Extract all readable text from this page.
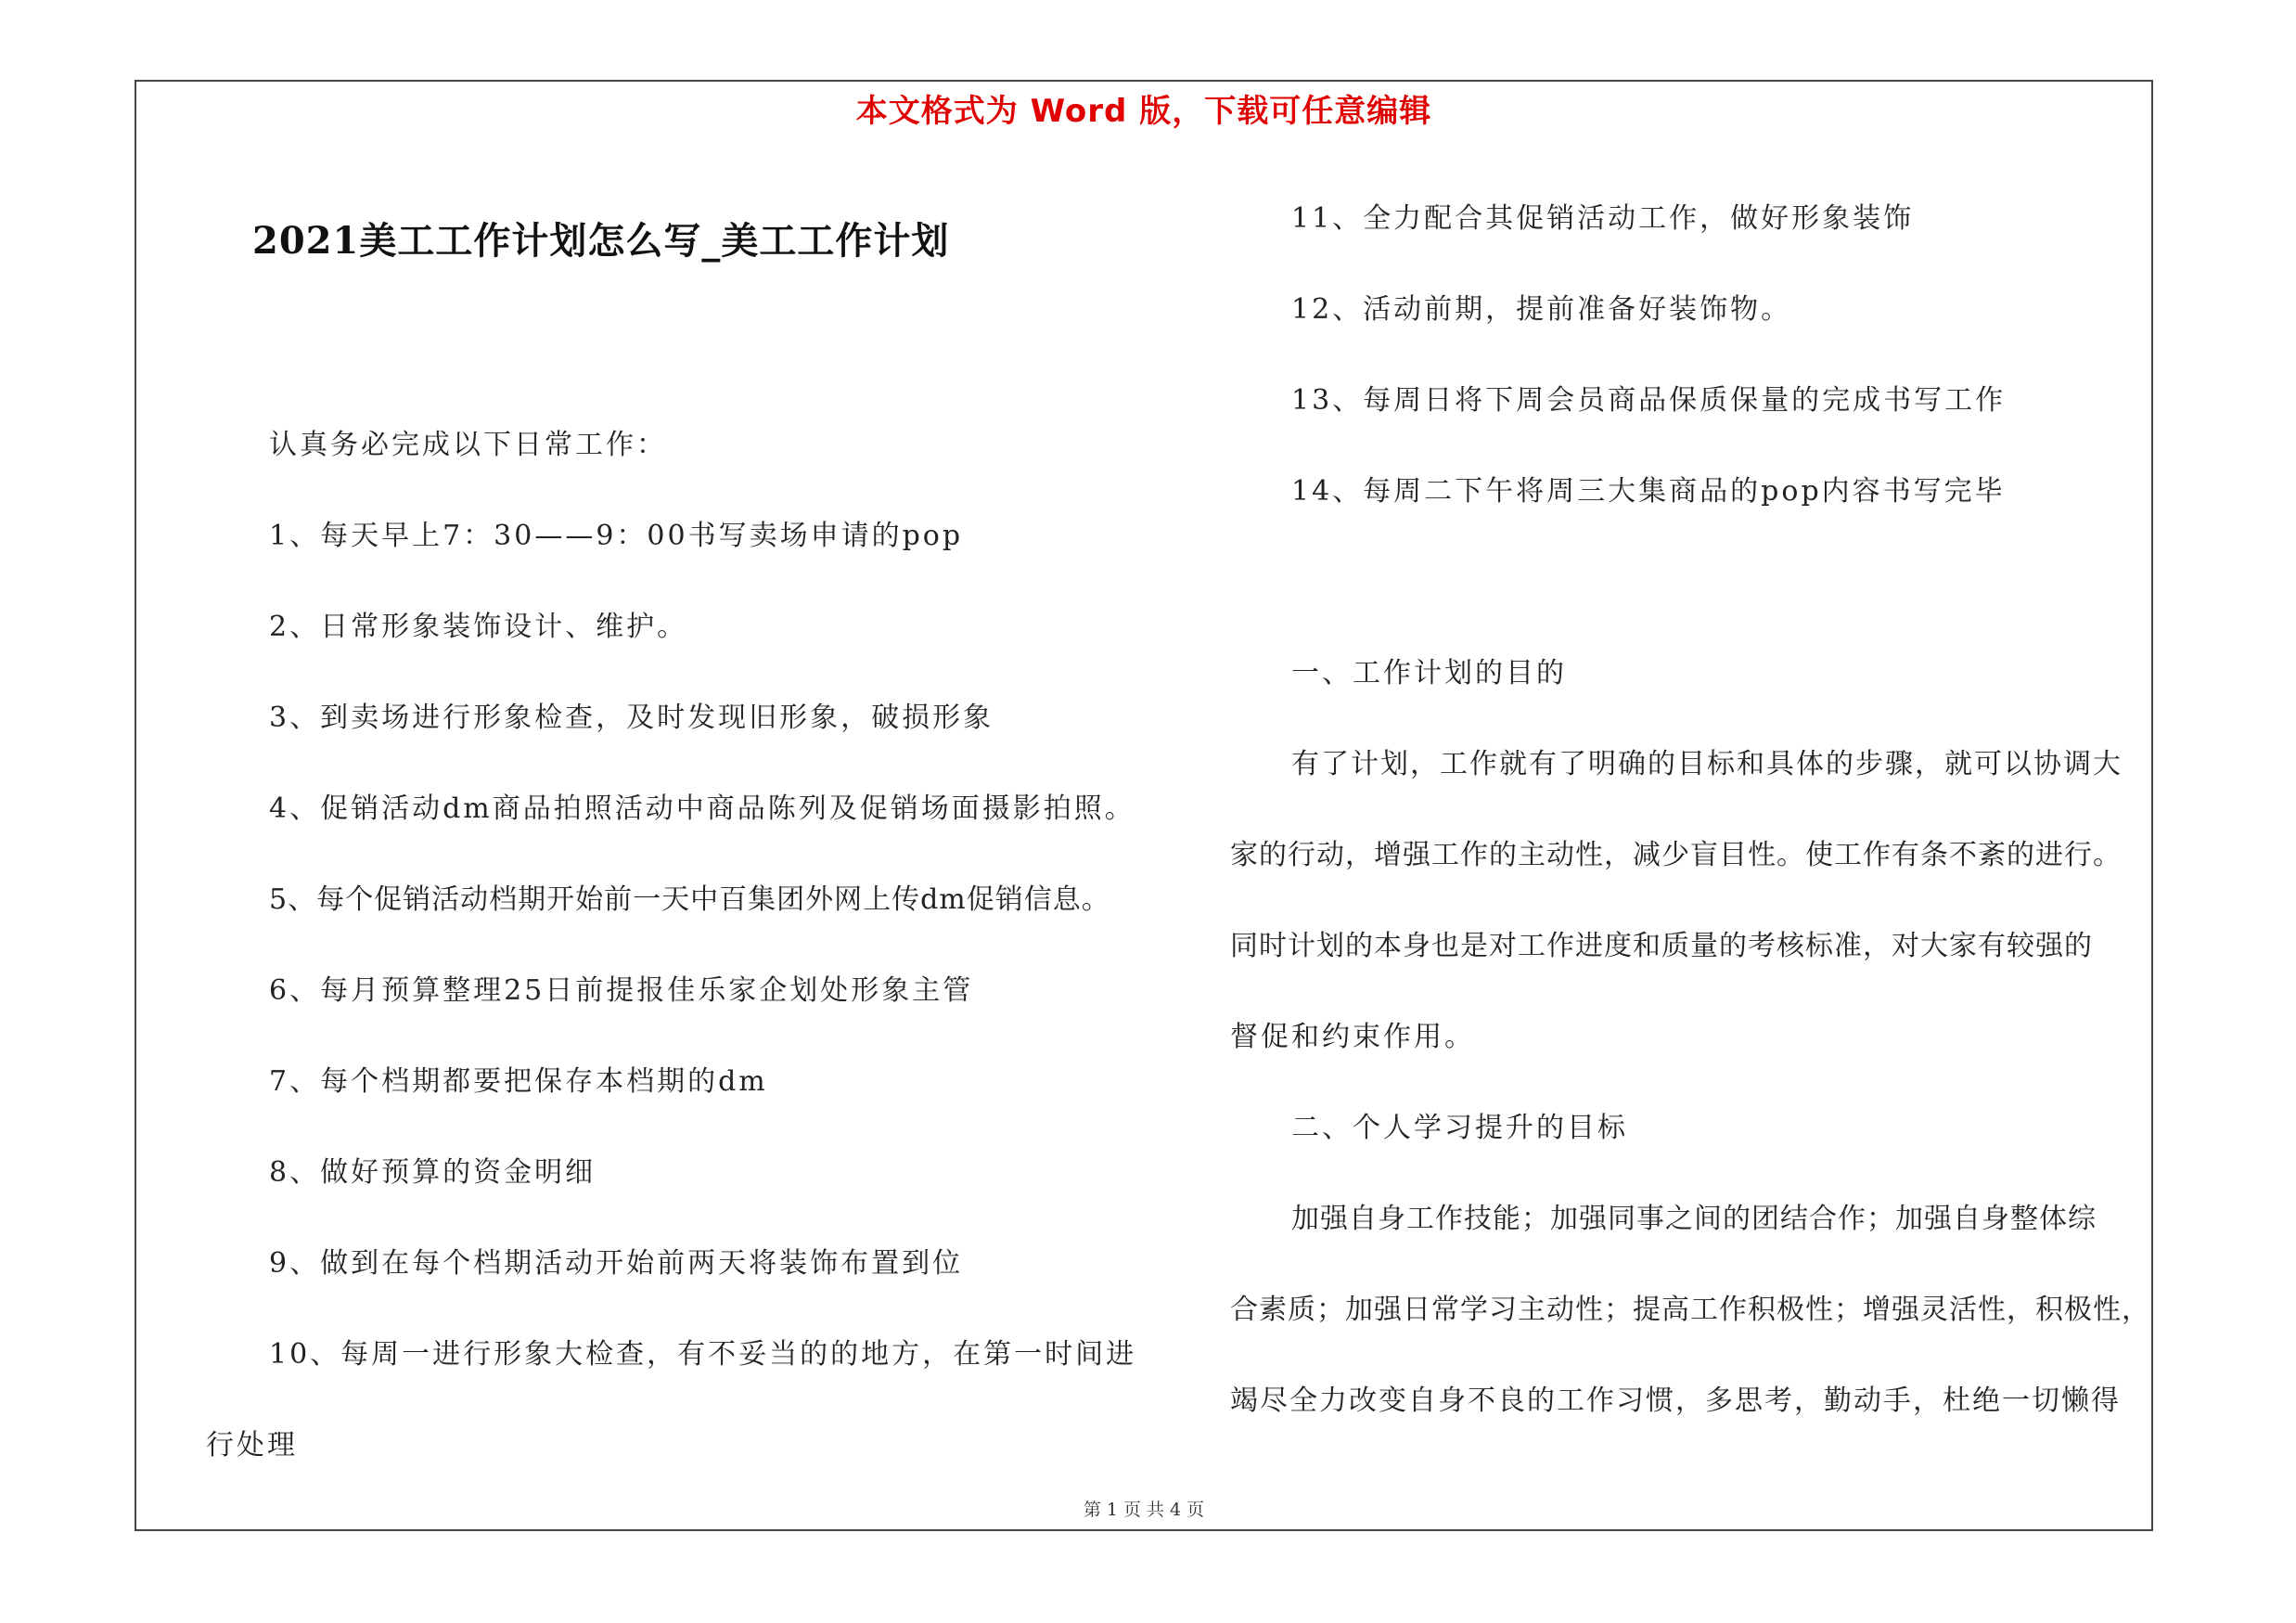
本文格式为 Word 版，下载可任意编辑
2021美工工作计划怎么写_美工工作计划
认真务必完成以下日常工作：
1、每天早上7：30——9：00书写卖场申请的pop
2、日常形象装饰设计、维护。
3、到卖场进行形象检查，及时发现旧形象，破损形象
4、促销活动dm商品拍照活动中商品陈列及促销场面摄影拍照。
5、每个促销活动档期开始前一天中百集团外网上传dm促销信息。
6、每月预算整理25日前提报佳乐家企划处形象主管
7、每个档期都要把保存本档期的dm
8、做好预算的资金明细
9、做到在每个档期活动开始前两天将装饰布置到位
10、每周一进行形象大检查，有不妥当的的地方，在第一时间进
行处理
11、全力配合其促销活动工作，做好形象装饰
12、活动前期，提前准备好装饰物。
13、每周日将下周会员商品保质保量的完成书写工作
14、每周二下午将周三大集商品的pop内容书写完毕
一、工作计划的目的
有了计划，工作就有了明确的目标和具体的步骤，就可以协调大
家的行动，增强工作的主动性，减少盲目性。使工作有条不紊的进行。
同时计划的本身也是对工作进度和质量的考核标准，对大家有较强的
督促和约束作用。
二、个人学习提升的目标
加强自身工作技能；加强同事之间的团结合作；加强自身整体综
合素质；加强日常学习主动性；提高工作积极性；增强灵活性，积极性，
竭尽全力改变自身不良的工作习惯，多思考，勤动手，杜绝一切懒得
第 1 页 共 4 页
